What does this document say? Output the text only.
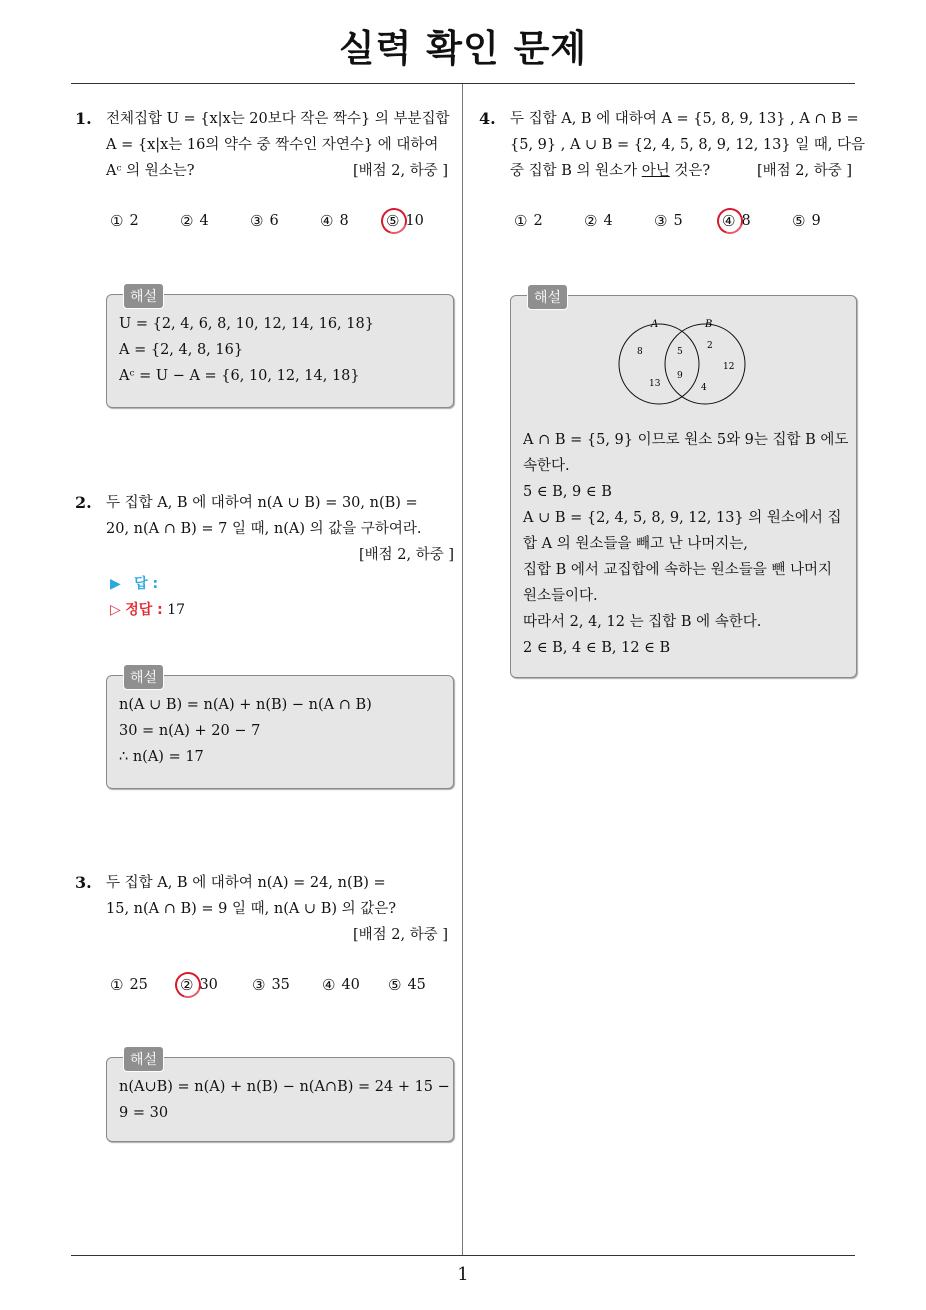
실력 확인 문제
1. 전체집합 U = {x|x는 20보다 작은 짝수} 의 부분집합
A = {x|x는 16의 약수 중 짝수인 자연수} 에 대하여
Aᶜ 의 원소는?	[배점 2, 하중 ]
① 2	② 4	③ 6	④ 8 ⑤ 10
해설
U = {2, 4, 6, 8, 10, 12, 14, 16, 18}
A = {2, 4, 8, 16}
Aᶜ = U − A = {6, 10, 12, 14, 18}
2. 두 집합 A, B 에 대하여 n(A ∪ B) = 30, n(B) =
20, n(A ∩ B) = 7 일 때, n(A) 의 값을 구하여라.
[배점 2, 하중 ]
▶ 답 :
▷ 정답 : 17
해설
n(A ∪ B) = n(A) + n(B) − n(A ∩ B)
30 = n(A) + 20 − 7
∴ n(A) = 17
3. 두 집합 A, B 에 대하여 n(A) = 24, n(B) =
15, n(A ∩ B) = 9 일 때, n(A ∪ B) 의 값은?
[배점 2, 하중 ]
① 25 ② 30 ③ 35 ④ 40 ⑤ 45
해설
n(A∪B) = n(A) + n(B) − n(A∩B) = 24 + 15 −
9 = 30
4. 두 집합 A, B 에 대하여 A = {5, 8, 9, 13} , A ∩ B =
{5, 9} , A ∪ B = {2, 4, 5, 8, 9, 12, 13} 일 때, 다음
중 집합 B 의 원소가 아닌 것은?	[배점 2, 하중 ]
① 2	② 4	③ 5	④ 8	⑤ 9
해설
A	B
8
13
5
9
2
12
4
A ∩ B = {5, 9} 이므로 원소 5와 9는 집합 B 에도
속한다.
5 ∈ B, 9 ∈ B
A ∪ B = {2, 4, 5, 8, 9, 12, 13} 의 원소에서 집
합 A 의 원소들을 빼고 난 나머지는,
집합 B 에서 교집합에 속하는 원소들을 뺀 나머지
원소들이다.
따라서 2, 4, 12 는 집합 B 에 속한다.
2 ∈ B, 4 ∈ B, 12 ∈ B
1
